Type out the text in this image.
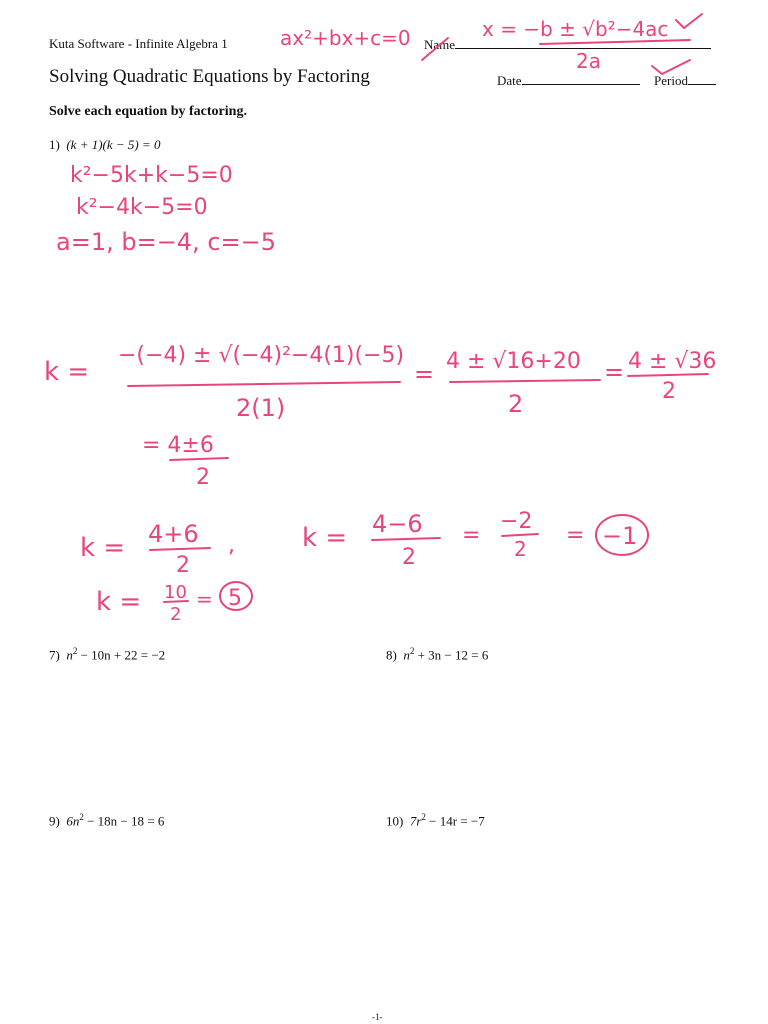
Kuta Software - Infinite Algebra 1	Name
Solving Quadratic Equations by Factoring	Date	Period
Solve each equation by factoring.
1) (k + 1)(k − 5) = 0
7) $n^2 - 10n + 22 = -2$	8) $n^2 + 3n - 12 = 6$
9) $6n^2 - 18n - 18 = 6$	10) $7r^2 - 14r = -7$
-1-
ax²+bx+c=0	x = −b ± √b²−4ac
2a
k²−5k+k−5=0
k²−4k−5=0
a=1, b=−4, c=−5
k =
−(−4) ± √(−4)²−4(1)(−5)
2(1)
= 4 ± √16+20
2
= 4 ± √36
2
= 4±6
2
k = 4+6
2
,	k = 4−6
2
=
−2
2
= −1
k = 10
2
= 5
